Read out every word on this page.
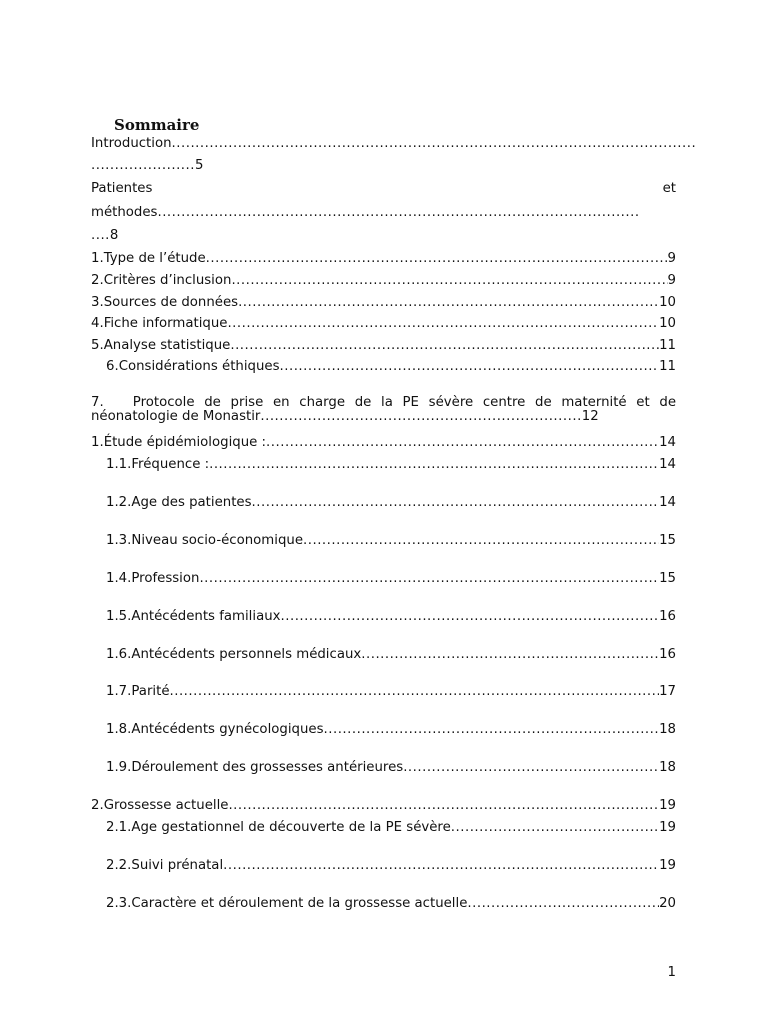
Sommaire
Introduction...............................................................................................................
......................5
Patientes	et
méthodes......................................................................................................
....8
1. Type de l’étude .....	9
2. Critères d’inclusion .....	9
3. Sources de données .....	10
4. Fiche informatique .....	10
5. Analyse statistique .....	11
6. Considérations éthiques .....	11
7. Protocole de prise en charge de la PE sévère centre de maternité et de néonatologie de Monastir....................................................................12
1. Étude épidémiologique : .....	14
1.1. Fréquence : .....	14
1.2. Age des patientes .....	14
1.3. Niveau socio-économique .....	15
1.4. Profession .....	15
1.5. Antécédents familiaux .....	16
1.6. Antécédents personnels médicaux .....	16
1.7. Parité .....	17
1.8. Antécédents gynécologiques .....	18
1.9. Déroulement des grossesses antérieures .....	18
2. Grossesse actuelle .....	19
2.1. Age gestationnel de découverte de la PE sévère .....	19
2.2. Suivi prénatal .....	19
2.3. Caractère et déroulement de la grossesse actuelle .....	20
1
